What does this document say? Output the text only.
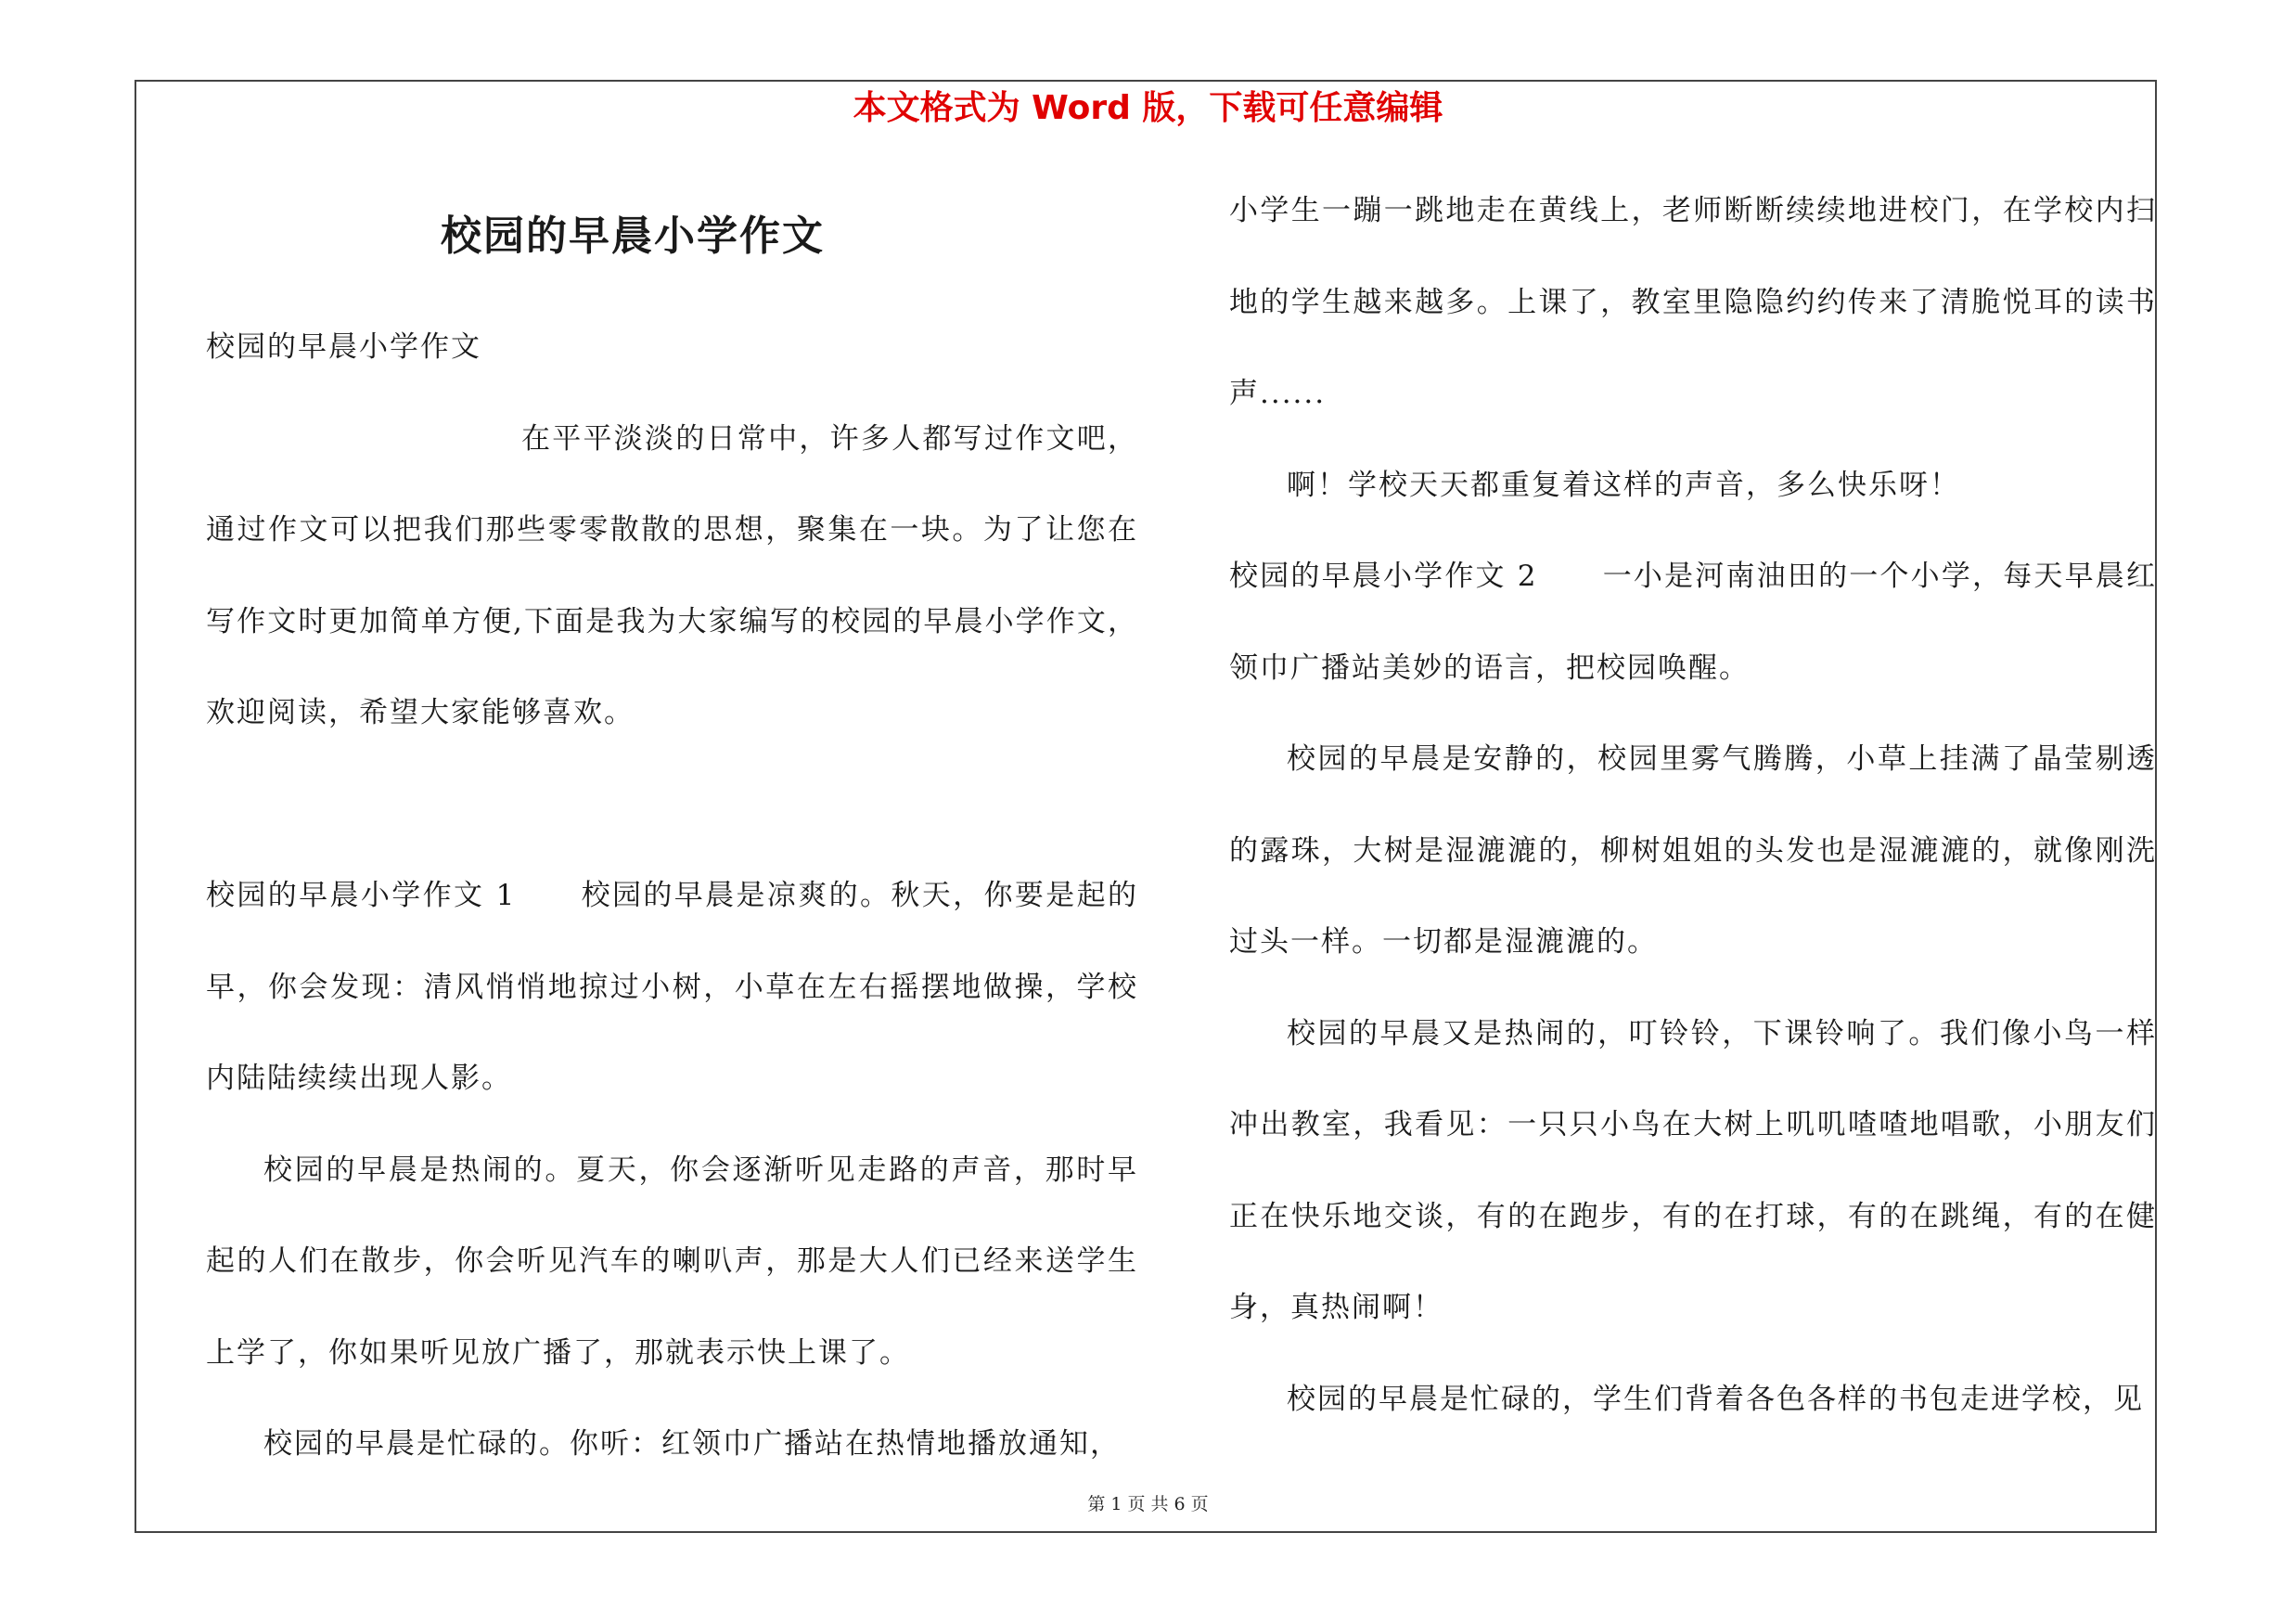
本文格式为 Word 版，下载可任意编辑
校园的早晨小学作文

校园的早晨小学作文

在平平淡淡的日常中，许多人都写过作文吧，通过作文可以把我们那些零零散散的思想，聚集在一块。为了让您在写作文时更加简单方便,下面是我为大家编写的校园的早晨小学作文，欢迎阅读，希望大家能够喜欢。

校园的早晨小学作文 1 校园的早晨是凉爽的。秋天，你要是起的早，你会发现：清风悄悄地掠过小树，小草在左右摇摆地做操，学校内陆陆续续出现人影。

校园的早晨是热闹的。夏天，你会逐渐听见走路的声音，那时早起的人们在散步，你会听见汽车的喇叭声，那是大人们已经来送学生上学了，你如果听见放广播了，那就表示快上课了。

校园的早晨是忙碌的。你听：红领巾广播站在热情地播放通知，

小学生一蹦一跳地走在黄线上，老师断断续续地进校门，在学校内扫地的学生越来越多。上课了，教室里隐隐约约传来了清脆悦耳的读书声......

啊！学校天天都重复着这样的声音，多么快乐呀！

校园的早晨小学作文 2 一小是河南油田的一个小学，每天早晨红领巾广播站美妙的语言，把校园唤醒。

校园的早晨是安静的，校园里雾气腾腾，小草上挂满了晶莹剔透的露珠，大树是湿漉漉的，柳树姐姐的头发也是湿漉漉的，就像刚洗过头一样。一切都是湿漉漉的。

校园的早晨又是热闹的，叮铃铃，下课铃响了。我们像小鸟一样冲出教室，我看见：一只只小鸟在大树上叽叽喳喳地唱歌，小朋友们正在快乐地交谈，有的在跑步，有的在打球，有的在跳绳，有的在健身，真热闹啊！

校园的早晨是忙碌的，学生们背着各色各样的书包走进学校，见

第 1 页 共 6 页
